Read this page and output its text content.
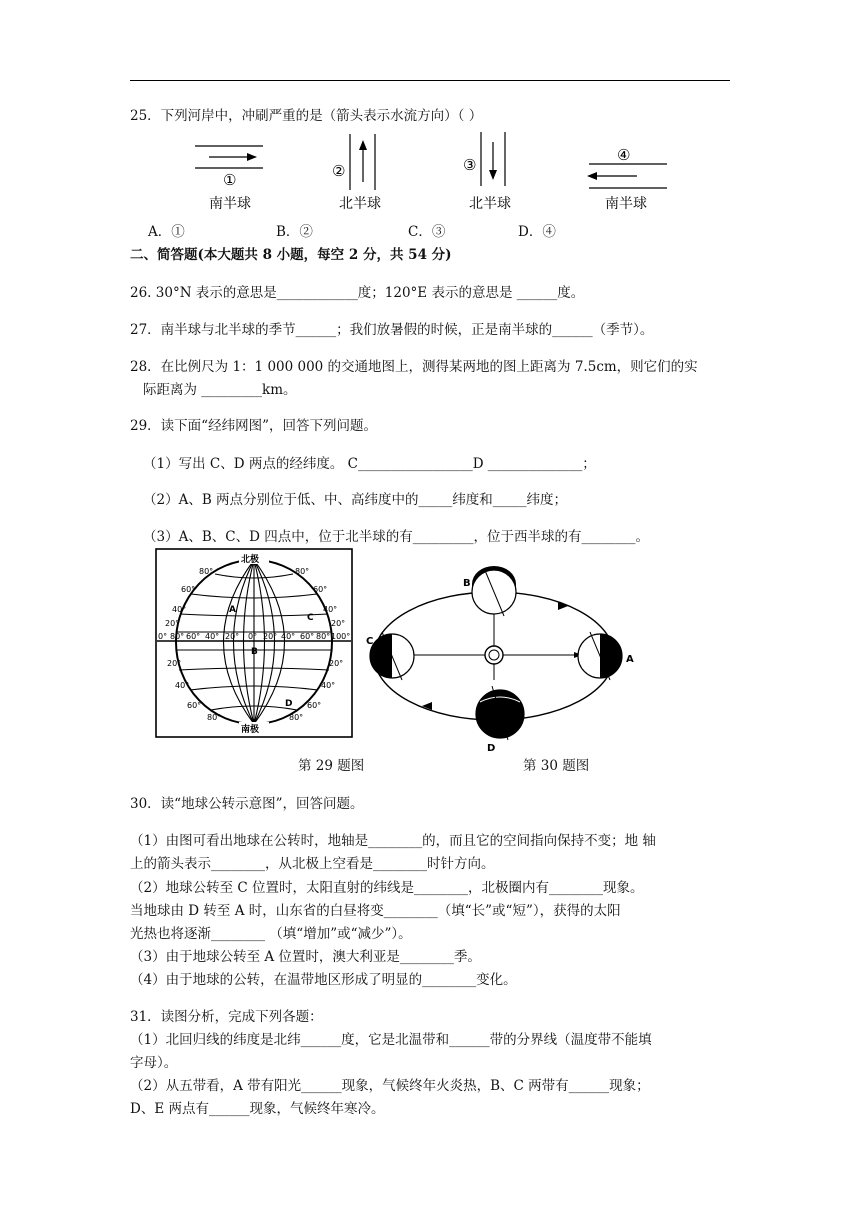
25．下列河岸中，冲刷严重的是（箭头表示水流方向）（ ）
①
南半球
②
北半球
③
北半球
④
南半球
A．①	B．②	C．③	D．④
二、简答题(本大题共 8 小题，每空 2 分，共 54 分)
26. 30°N 表示的意思是____________度；120°E 表示的意思是 ______度。
27．南半球与北半球的季节______；我们放暑假的时候，正是南半球的______（季节）。
28．在比例尺为 1：1 000 000 的交通地图上，测得某两地的图上距离为 7.5cm，则它们的实
际距离为 _________km。
29．读下面“经纬网图”，回答下列问题。
（1）写出 C、D 两点的经纬度。 C_________________D ______________；
（2）A、B 两点分别位于低、中、高纬度中的_____纬度和_____纬度；
（3）A、B、C、D 四点中，位于北半球的有_________，位于西半球的有________。
北极
南极
0° 80° 60° 40° 20° 0° 20° 40° 60° 80° 100°
80°
60°
40°
20°
20°
40°
60°
80°
80°
60°
40°
20°
20°
40°
60°
80°
A
B
C
D
A
B
C
D
第 29 题图	第 30 题图
30．读“地球公转示意图”，回答问题。
（1）由图可看出地球在公转时，地轴是________的，而且它的空间指向保持不变；地 轴
上的箭头表示________，从北极上空看是________时针方向。
（2）地球公转至 C 位置时，太阳直射的纬线是________，北极圈内有________现象。
当地球由 D 转至 A 时，山东省的白昼将变________（填“长”或“短”），获得的太阳
光热也将逐渐________ （填“增加”或“减少”）。
（3）由于地球公转至 A 位置时，澳大利亚是________季。
（4）由于地球的公转，在温带地区形成了明显的________变化。
31．读图分析，完成下列各题：
（1）北回归线的纬度是北纬______度，它是北温带和______带的分界线（温度带不能填
字母）。
（2）从五带看，A 带有阳光______现象，气候终年火炎热，B、C 两带有______现象；
D、E 两点有______现象，气候终年寒冷。
